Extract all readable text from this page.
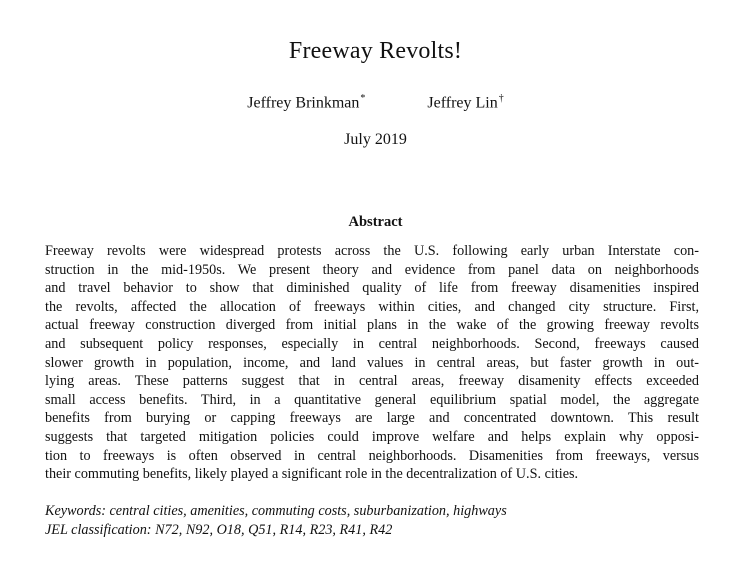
Freeway Revolts!
Jeffrey Brinkman*	Jeffrey Lin†
July 2019
Abstract
Freeway revolts were widespread protests across the U.S. following early urban Interstate con-
struction in the mid-1950s. We present theory and evidence from panel data on neighborhoods
and travel behavior to show that diminished quality of life from freeway disamenities inspired
the revolts, affected the allocation of freeways within cities, and changed city structure. First,
actual freeway construction diverged from initial plans in the wake of the growing freeway revolts
and subsequent policy responses, especially in central neighborhoods. Second, freeways caused
slower growth in population, income, and land values in central areas, but faster growth in out-
lying areas. These patterns suggest that in central areas, freeway disamenity effects exceeded
small access benefits. Third, in a quantitative general equilibrium spatial model, the aggregate
benefits from burying or capping freeways are large and concentrated downtown. This result
suggests that targeted mitigation policies could improve welfare and helps explain why opposi-
tion to freeways is often observed in central neighborhoods. Disamenities from freeways, versus
their commuting benefits, likely played a significant role in the decentralization of U.S. cities.
Keywords: central cities, amenities, commuting costs, suburbanization, highways
JEL classification: N72, N92, O18, Q51, R14, R23, R41, R42
